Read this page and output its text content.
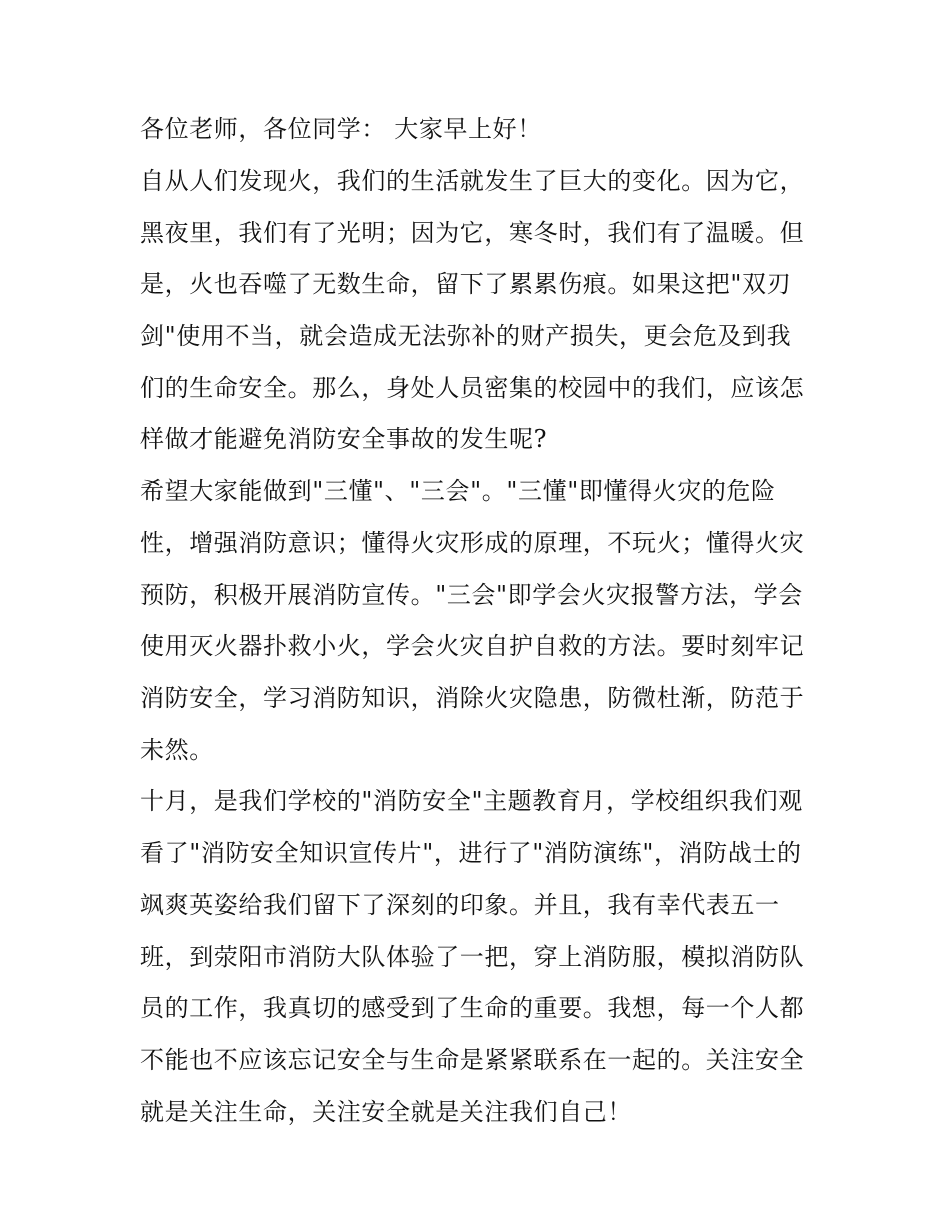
各位老师，各位同学： 大家早上好！
自从人们发现火，我们的生活就发生了巨大的变化。因为它，
黑夜里，我们有了光明；因为它，寒冬时，我们有了温暖。但
是，火也吞噬了无数生命，留下了累累伤痕。如果这把"双刃
剑"使用不当，就会造成无法弥补的财产损失，更会危及到我
们的生命安全。那么，身处人员密集的校园中的我们，应该怎
样做才能避免消防安全事故的发生呢?
希望大家能做到"三懂"、"三会"。"三懂"即懂得火灾的危险
性，增强消防意识；懂得火灾形成的原理，不玩火；懂得火灾
预防，积极开展消防宣传。"三会"即学会火灾报警方法，学会
使用灭火器扑救小火，学会火灾自护自救的方法。要时刻牢记
消防安全，学习消防知识，消除火灾隐患，防微杜渐，防范于
未然。
十月，是我们学校的"消防安全"主题教育月，学校组织我们观
看了"消防安全知识宣传片"，进行了"消防演练"，消防战士的
飒爽英姿给我们留下了深刻的印象。并且，我有幸代表五一
班，到荥阳市消防大队体验了一把，穿上消防服，模拟消防队
员的工作，我真切的感受到了生命的重要。我想，每一个人都
不能也不应该忘记安全与生命是紧紧联系在一起的。关注安全
就是关注生命，关注安全就是关注我们自己！
